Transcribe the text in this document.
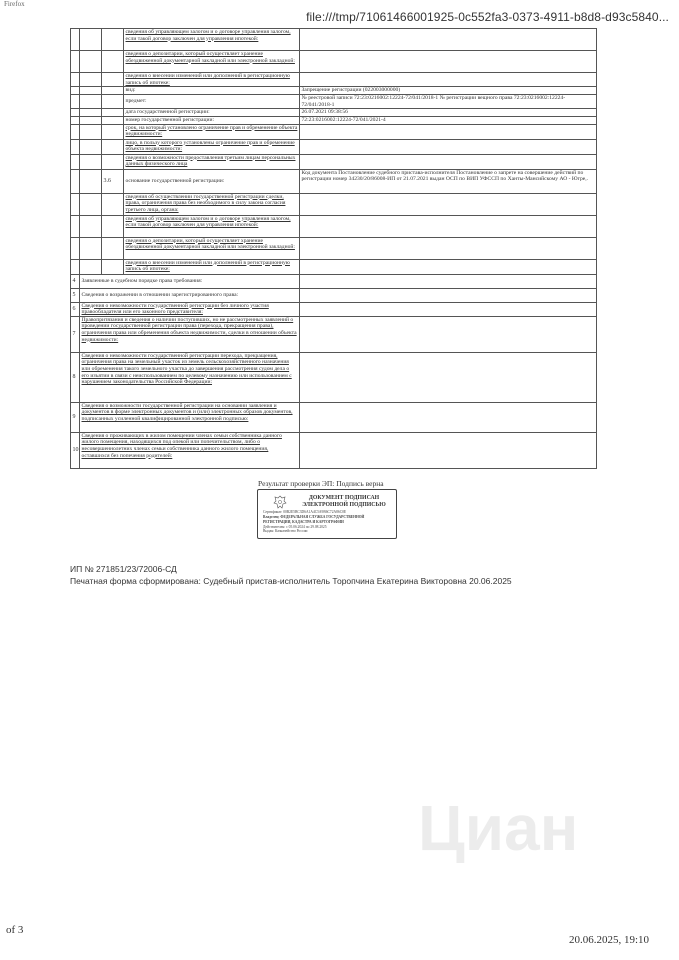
Firefox
file:///tmp/71061466001925-0c552fa3-0373-4911-b8d8-d93c5840...
			сведения об управляющем залогом и о договоре управления залогом, если такой договор заключен для управления ипотекой:	
			сведения о депозитарии, который осуществляет хранение обездвиженной документарной закладной или электронной закладной:	
			сведения о внесении изменений или дополнений в регистрационную запись об ипотеке:	
			вид:	Запрещение регистрации (022003000000)
			предмет:	№ реестровой записи 72:23:0216002:12224-72/041/2018-1 № регистрации вещного права 72:23:0216002:12224-72/041/2018-1
			дата государственной регистрации:	26.07.2021 09:38:56
			номер государственной регистрации:	72:23:0216002:12224-72/041/2021-4
			срок, на который установлено ограничение прав и обременение объекта недвижимости:	
			лицо, в пользу которого установлены ограничение прав и обременение объекта недвижимости:	
			сведения о возможности предоставления третьим лицам персональных данных физического лица	
		3.6	основание государственной регистрации:	Код документа Постановление судебного пристава-исполнителя Постановление о запрете на совершение действий по регистрации номер 34230/20/86008-ИП от 21.07.2021 выдан ОСП по ВИП УФССП по Ханты-Мансийскому АО - Югре,.
			сведения об осуществлении государственной регистрации сделки, права, ограничения права без необходимого в силу закона согласия третьего лица, органа:	
			сведения об управляющем залогом и о договоре управления залогом, если такой договор заключен для управления ипотекой:	
			сведения о депозитарии, который осуществляет хранение обездвиженной документарной закладной или электронной закладной:	
			сведения о внесении изменений или дополнений в регистрационную запись об ипотеке:	
4	Заявленные в судебном порядке права требования:			
5	Сведения о возражении в отношении зарегистрированного права:			
6	Сведения о невозможности государственной регистрации без личного участия правообладателя или его законного представителя:			
7	Правопритязания и сведения о наличии поступивших, но не рассмотренных заявлений о проведении государственной регистрации права (перехода, прекращения права), ограничения права или обременения объекта недвижимости, сделки в отношении объекта недвижимости:			
8	Сведения о невозможности государственной регистрации перехода, прекращения, ограничения права на земельный участок из земель сельскохозяйственного назначения или обременения такого земельного участка до завершения рассмотрения судом дела о его изъятии в связи с неиспользованием по целевому назначению или использованием с нарушением законодательства Российской Федерации:			
9	Сведения о возможности государственной регистрации на основании заявления и документов в форме электронных документов и (или) электронных образов документов, подписанных усиленной квалифицированной электронной подписью:			
10	Сведения о проживающих в жилом помещении членах семьи собственника данного жилого помещения, находящихся под опекой или попечительством, либо о несовершеннолетних членах семьи собственника данного жилого помещения, оставшихся без попечения родителей:			
Результат проверки ЭП: Подпись верна
ДОКУМЕНТ ПОДПИСАН
ЭЛЕКТРОННОЙ ПОДПИСЬЮ
Сертификат: 00B2E5BC3D6A1A4C5A9B6C72A86C0E
Владелец: ФЕДЕРАЛЬНАЯ СЛУЖБА ГОСУДАРСТВЕННОЙ
РЕГИСТРАЦИИ, КАДАСТРА И КАРТОГРАФИИ
Действителен: с 05.06.2024 по 29.08.2025
Выдан: Казначейство России
ИП № 271851/23/72006-СД
Печатная форма сформирована: Судебный пристав-исполнитель Торопчина Екатерина Викторовна 20.06.2025
Циан
of 3
20.06.2025, 19:10
